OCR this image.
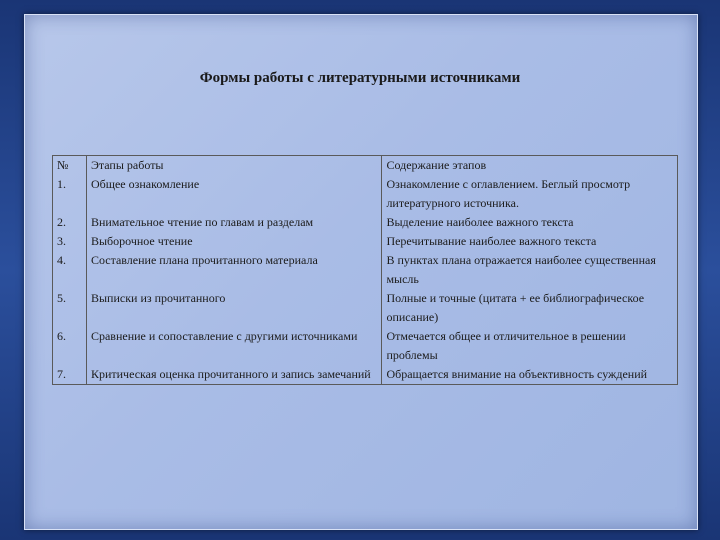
Формы работы с литературными источниками
№	Этапы работы	Содержание этапов
1.	Общее ознакомление	Ознакомление с оглавлением. Беглый просмотр литературного источника.
2.	Внимательное чтение по главам и разделам	Выделение наиболее важного текста
3.	Выборочное чтение	Перечитывание наиболее важного текста
4.	Составление плана прочитанного материала	В пунктах плана отражается наиболее существенная мысль
5.	Выписки из прочитанного	Полные и точные (цитата + ее библиографическое описание)
6.	Сравнение и сопоставление с другими источниками	Отмечается общее и отличительное в решении проблемы
7.	Критическая оценка прочитанного и запись замечаний	Обращается внимание на объективность суждений
